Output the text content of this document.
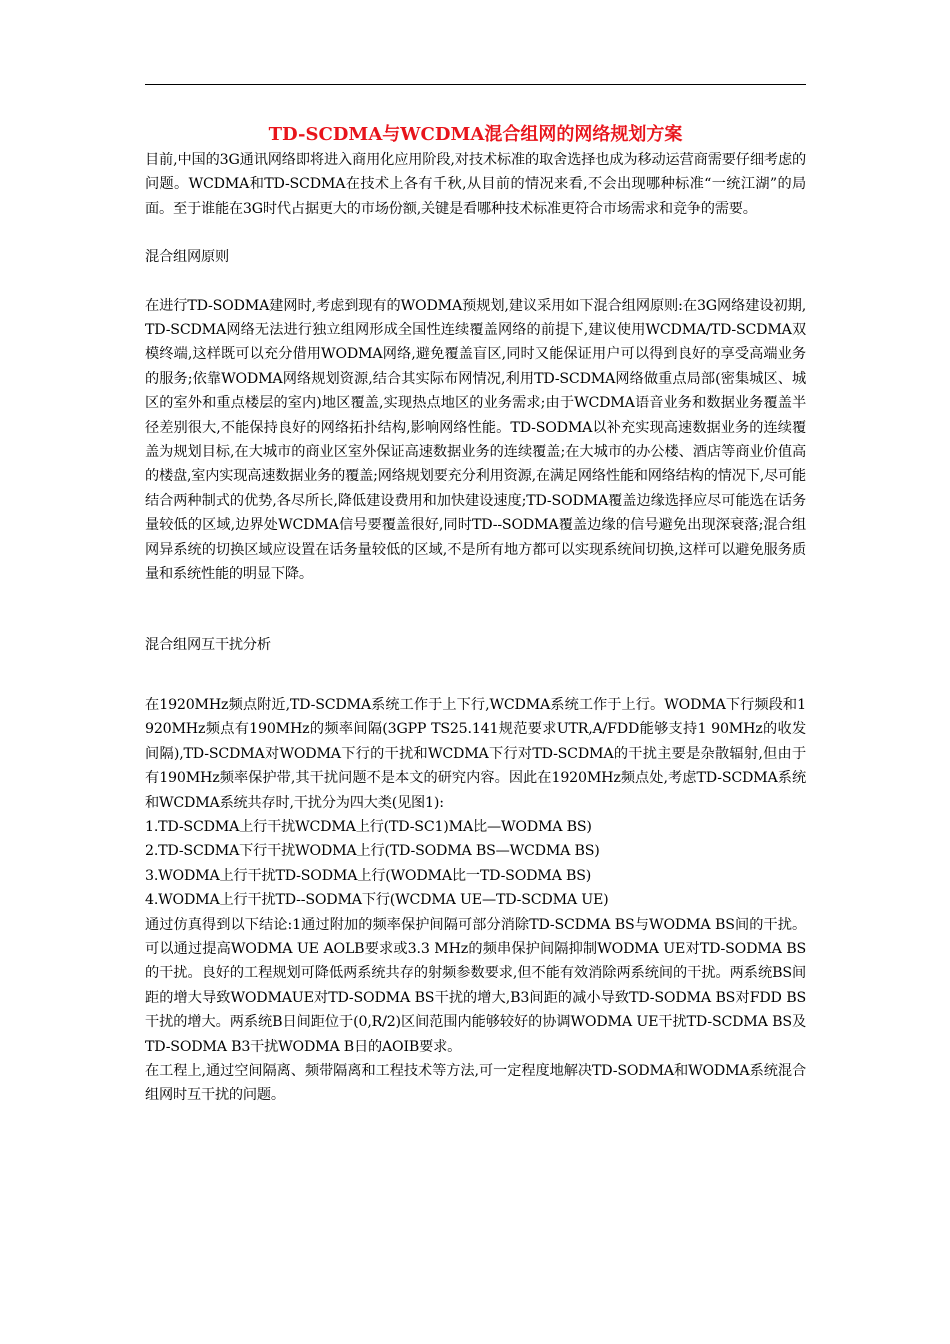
TD-SCDMA与WCDMA混合组网的网络规划方案

目前,中国的3G通讯网络即将进入商用化应用阶段,对技术标准的取舍选择也成为移动运营商需要仔细考虑的问题。WCDMA和TD-SCDMA在技术上各有千秋,从目前的情况来看,不会出现哪种标准“一统江湖”的局面。至于谁能在3G时代占据更大的市场份额,关键是看哪种技术标准更符合市场需求和竞争的需要。

混合组网原则

在进行TD-SODMA建网时,考虑到现有的WODMA预规划,建议采用如下混合组网原则:在3G网络建设初期,TD-SCDMA网络无法进行独立组网形成全国性连续覆盖网络的前提下,建议使用WCDMA/TD-SCDMA双模终端,这样既可以充分借用WODMA网络,避免覆盖盲区,同时又能保证用户可以得到良好的享受高端业务的服务;依靠WODMA网络规划资源,结合其实际布网情况,利用TD-SCDMA网络做重点局部(密集城区、城区的室外和重点楼层的室内)地区覆盖,实现热点地区的业务需求;由于WCDMA语音业务和数据业务覆盖半径差别很大,不能保持良好的网络拓扑结构,影响网络性能。TD-SODMA以补充实现高速数据业务的连续覆盖为规划目标,在大城市的商业区室外保证高速数据业务的连续覆盖;在大城市的办公楼、酒店等商业价值高的楼盘,室内实现高速数据业务的覆盖;网络规划要充分利用资源,在满足网络性能和网络结构的情况下,尽可能结合两种制式的优势,各尽所长,降低建设费用和加快建设速度;TD-SODMA覆盖边缘选择应尽可能选在话务量较低的区域,边界处WCDMA信号要覆盖很好,同时TD--SODMA覆盖边缘的信号避免出现深衰落;混合组网异系统的切换区域应设置在话务量较低的区域,不是所有地方都可以实现系统间切换,这样可以避免服务质量和系统性能的明显下降。

混合组网互干扰分析

在1920MHz频点附近,TD-SCDMA系统工作于上下行,WCDMA系统工作于上行。WODMA下行频段和1 920MHz频点有190MHz的频率间隔(3GPP TS25.141规范要求UTR,A/FDD能够支持1 90MHz的收发间隔),TD-SCDMA对WODMA下行的干扰和WCDMA下行对TD-SCDMA的干扰主要是杂散辐射,但由于有190MHz频率保护带,其干扰问题不是本文的研究内容。因此在1920MHz频点处,考虑TD-SCDMA系统和WCDMA系统共存时,干扰分为四大类(见图1):

1.TD-SCDMA上行干扰WCDMA上行(TD-SC1)MA比—WODMA BS)
2.TD-SCDMA下行干扰WODMA上行(TD-SODMA BS—WCDMA BS)
3.WODMA上行干扰TD-SODMA上行(WODMA比一TD-SODMA BS)
4.WODMA上行干扰TD--SODMA下行(WCDMA UE—TD-SCDMA UE)

通过仿真得到以下结论:1通过附加的频率保护间隔可部分消除TD-SCDMA BS与WODMA BS间的干扰。可以通过提高WODMA UE AOLB要求或3.3 MHz的频串保护间隔抑制WODMA UE对TD-SODMA BS的干扰。良好的工程规划可降低两系统共存的射频参数要求,但不能有效消除两系统间的干扰。两系统BS间距的增大导致WODMAUE对TD-SODMA BS干扰的增大,B3间距的减小导致TD-SODMA BS对FDD BS干扰的增大。两系统B日间距位于(0,R/2)区间范围内能够较好的协调WODMA UE干扰TD-SCDMA BS及TD-SODMA B3干扰WODMA B日的AOIB要求。

在工程上,通过空间隔离、频带隔离和工程技术等方法,可一定程度地解决TD-SODMA和WODMA系统混合组网时互干扰的问题。
